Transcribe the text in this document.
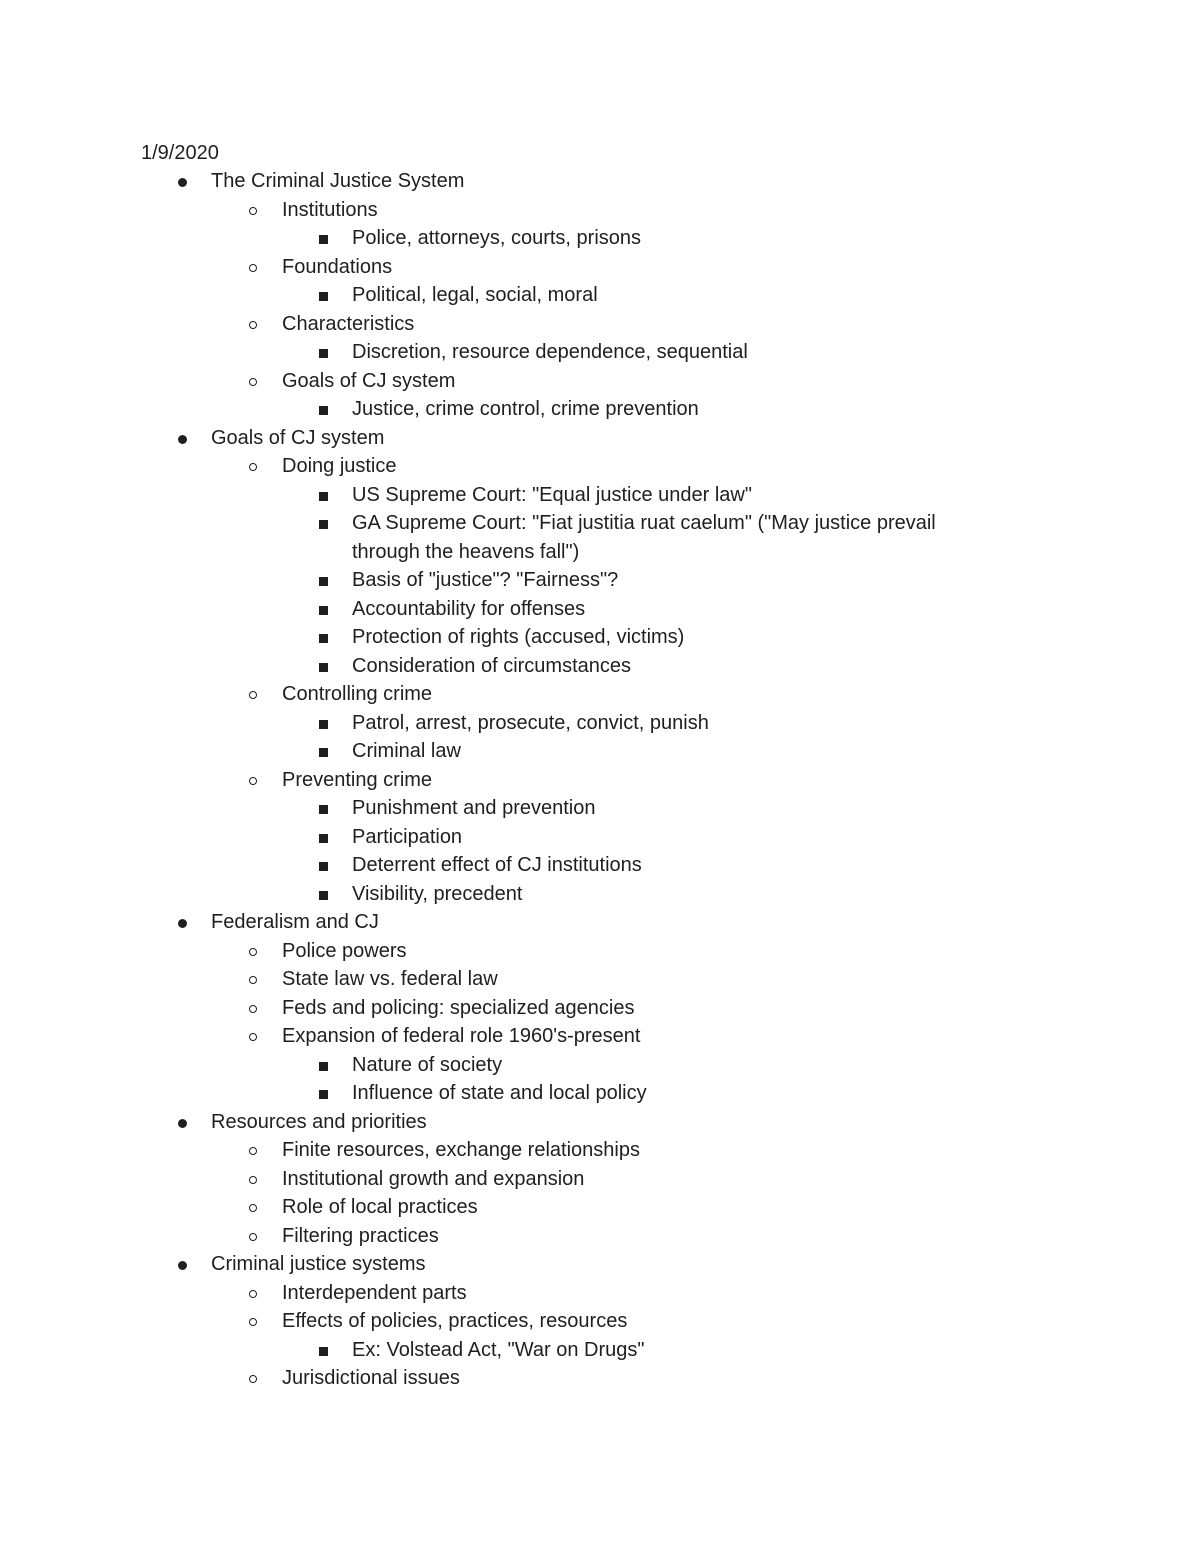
1/9/2020
The Criminal Justice System
Institutions
Police, attorneys, courts, prisons
Foundations
Political, legal, social, moral
Characteristics
Discretion, resource dependence, sequential
Goals of CJ system
Justice, crime control, crime prevention
Goals of CJ system
Doing justice
US Supreme Court: "Equal justice under law"
GA Supreme Court: "Fiat justitia ruat caelum" ("May justice prevail through the heavens fall")
Basis of "justice"? "Fairness"?
Accountability for offenses
Protection of rights (accused, victims)
Consideration of circumstances
Controlling crime
Patrol, arrest, prosecute, convict, punish
Criminal law
Preventing crime
Punishment and prevention
Participation
Deterrent effect of CJ institutions
Visibility, precedent
Federalism and CJ
Police powers
State law vs. federal law
Feds and policing: specialized agencies
Expansion of federal role 1960's-present
Nature of society
Influence of state and local policy
Resources and priorities
Finite resources, exchange relationships
Institutional growth and expansion
Role of local practices
Filtering practices
Criminal justice systems
Interdependent parts
Effects of policies, practices, resources
Ex: Volstead Act, "War on Drugs"
Jurisdictional issues
